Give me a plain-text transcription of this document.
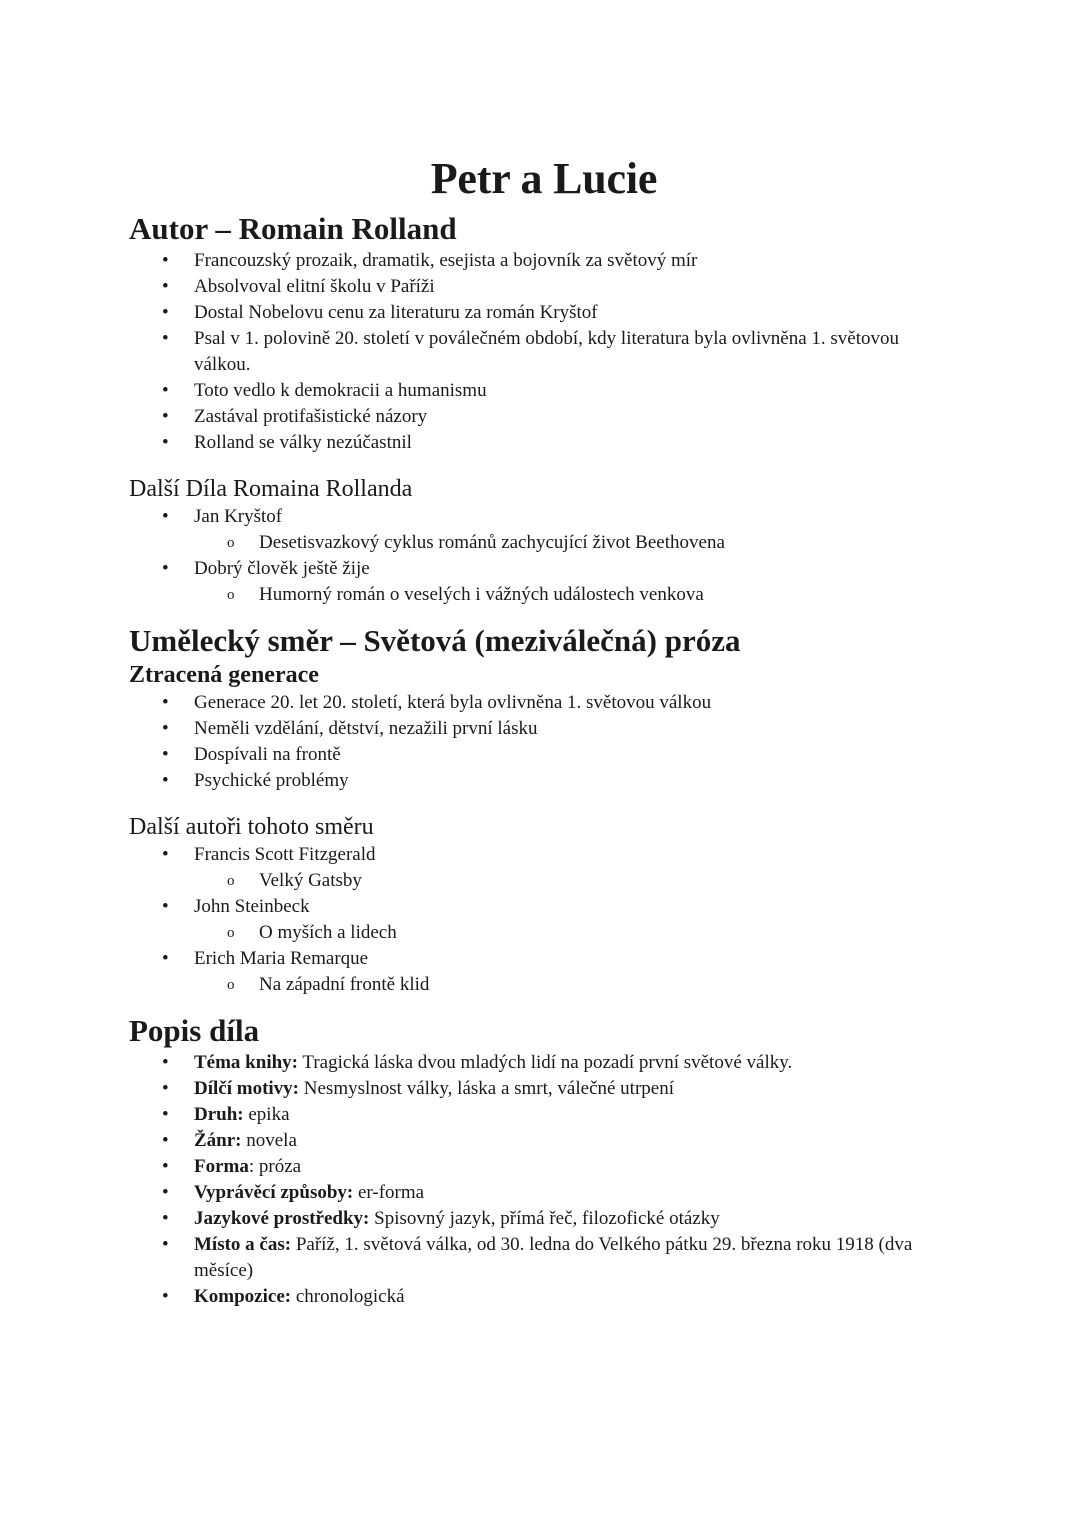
Petr a Lucie
Autor – Romain Rolland
• Francouzský prozaik, dramatik, esejista a bojovník za světový mír
• Absolvoval elitní školu v Paříži
• Dostal Nobelovu cenu za literaturu za román Kryštof
• Psal v 1. polovině 20. století v poválečném období, kdy literatura byla ovlivněna 1. světovou válkou.
• Toto vedlo k demokracii a humanismu
• Zastával protifašistické názory
• Rolland se války nezúčastnil
Další Díla Romaina Rollanda
• Jan Kryštof
o Desetisvazkový cyklus románů zachycující život Beethovena
• Dobrý člověk ještě žije
o Humorný román o veselých i vážných událostech venkova
Umělecký směr – Světová (meziválečná) próza
Ztracená generace
• Generace 20. let 20. století, která byla ovlivněna 1. světovou válkou
• Neměli vzdělání, dětství, nezažili první lásku
• Dospívali na frontě
• Psychické problémy
Další autoři tohoto směru
• Francis Scott Fitzgerald
o Velký Gatsby
• John Steinbeck
o O myších a lidech
• Erich Maria Remarque
o Na západní frontě klid
Popis díla
• Téma knihy: Tragická láska dvou mladých lidí na pozadí první světové války.
• Dílčí motivy: Nesmyslnost války, láska a smrt, válečné utrpení
• Druh: epika
• Žánr: novela
• Forma: próza
• Vyprávěcí způsoby: er-forma
• Jazykové prostředky: Spisovný jazyk, přímá řeč, filozofické otázky
• Místo a čas: Paříž, 1. světová válka, od 30. ledna do Velkého pátku 29. března roku 1918 (dva měsíce)
• Kompozice: chronologická
